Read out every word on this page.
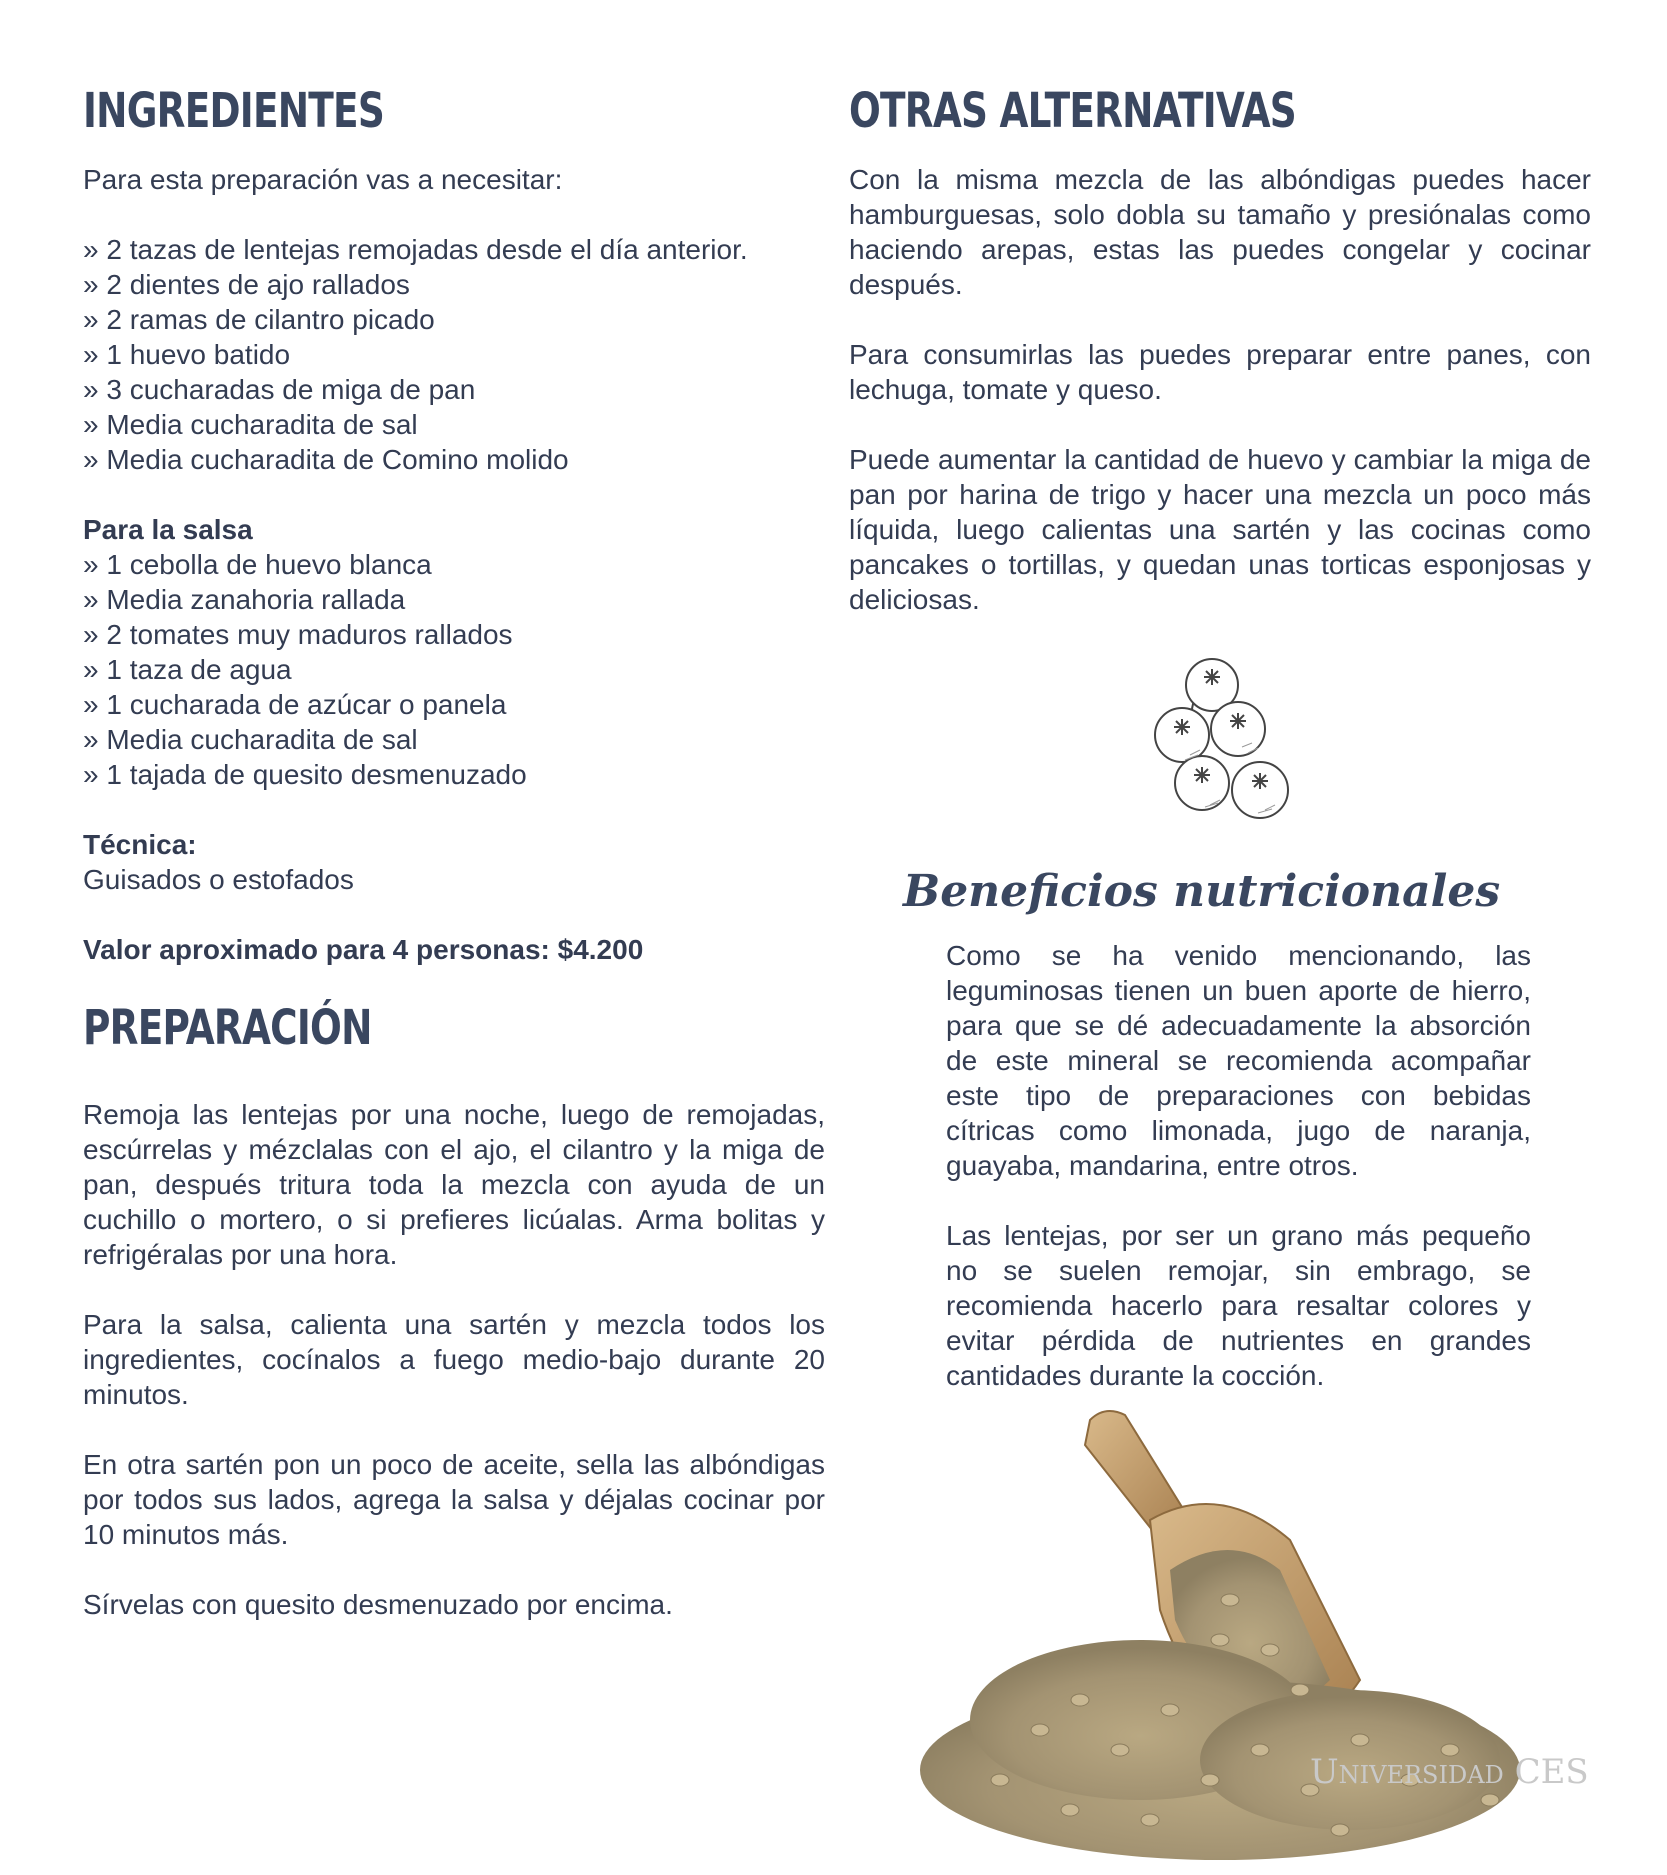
INGREDIENTES

Para esta preparación vas a necesitar:

» 2 tazas de lentejas remojadas desde el día anterior.
» 2 dientes de ajo rallados
» 2 ramas de cilantro picado
» 1 huevo batido
» 3 cucharadas de miga de pan
» Media cucharadita de sal
» Media cucharadita de Comino molido

Para la salsa

» 1 cebolla de huevo blanca
» Media zanahoria rallada
» 2 tomates muy maduros rallados
» 1 taza de agua
» 1 cucharada de azúcar o panela
» Media cucharadita de sal
» 1 tajada de quesito desmenuzado

Técnica:

Guisados o estofados

Valor aproximado para 4 personas: $4.200

PREPARACIÓN

Remoja las lentejas por una noche, luego de remojadas, escúrrelas y mézclalas con el ajo, el cilantro y la miga de pan, después tritura toda la mezcla con ayuda de un cuchillo o mortero, o si prefieres licúalas. Arma bolitas y refrigéralas por una hora.

Para la salsa, calienta una sartén y mezcla todos los ingredientes, cocínalos a fuego medio-bajo durante 20 minutos.

En otra sartén pon un poco de aceite, sella las albóndigas por todos sus lados, agrega la salsa y déjalas cocinar por 10 minutos más.

Sírvelas con quesito desmenuzado por encima.

OTRAS ALTERNATIVAS

Con la misma mezcla de las albóndigas puedes hacer hamburguesas, solo dobla su tamaño y presiónalas como haciendo arepas, estas las puedes congelar y cocinar después.

Para consumirlas las puedes preparar entre panes, con lechuga, tomate y queso.

Puede aumentar la cantidad de huevo y cambiar la miga de pan por harina de trigo y hacer una mezcla un poco más líquida, luego calientas una sartén y las cocinas como pancakes o tortillas, y quedan unas torticas esponjosas y deliciosas.

Beneficios nutricionales

Como se ha venido mencionando, las leguminosas tienen un buen aporte de hierro, para que se dé adecuadamente la absorción de este mineral se recomienda acompañar este tipo de preparaciones con bebidas cítricas como limonada, jugo de naranja, guayaba, mandarina, entre otros.

Las lentejas, por ser un grano más pequeño no se suelen remojar, sin embrago, se recomienda hacerlo para resaltar colores y evitar pérdida de nutrientes en grandes cantidades durante la cocción.

Universidad CES
